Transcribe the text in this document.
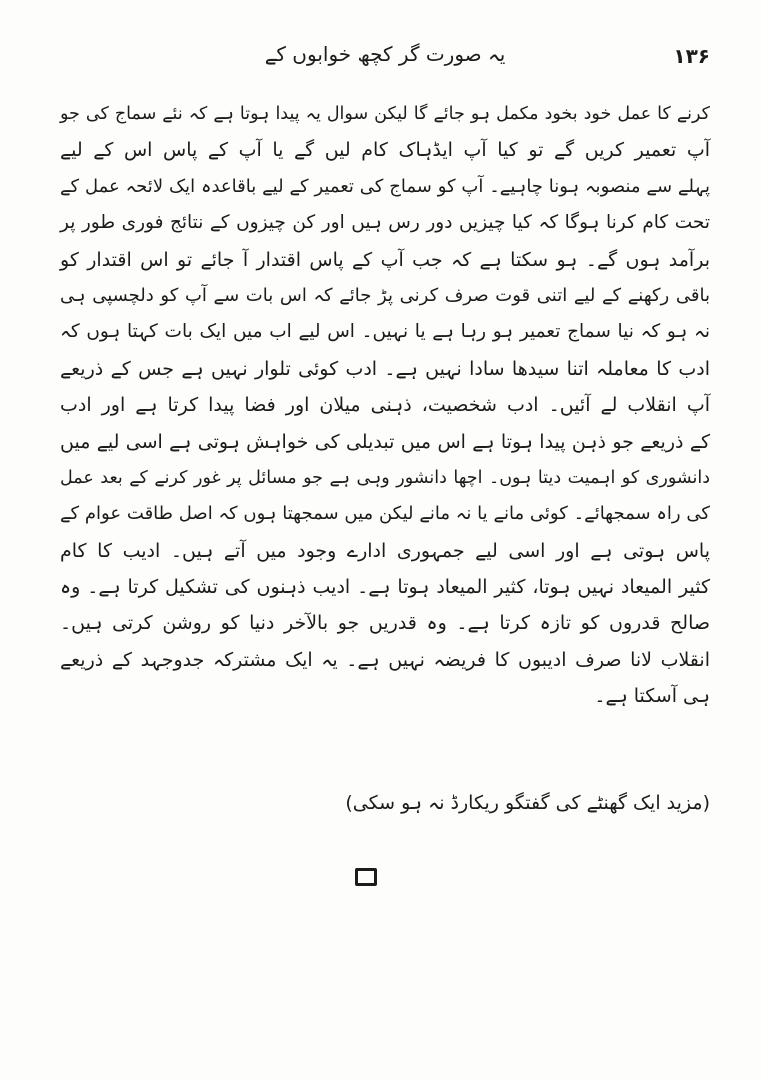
۱۳۶
یہ صورت گر کچھ خوابوں کے
کرنے کا عمل خود بخود مکمل ہو جائے گا لیکن سوال یہ پیدا ہوتا ہے کہ نئے سماج کی جو
آپ تعمیر کریں گے تو کیا آپ ایڈہاک کام لیں گے یا آپ کے پاس اس کے لیے
پہلے سے منصوبہ ہونا چاہیے۔ آپ کو سماج کی تعمیر کے لیے باقاعدہ ایک لائحہ عمل کے
تحت کام کرنا ہوگا کہ کیا چیزیں دور رس ہیں اور کن چیزوں کے نتائج فوری طور پر
برآمد ہوں گے۔ ہو سکتا ہے کہ جب آپ کے پاس اقتدار آ جائے تو اس اقتدار کو
باقی رکھنے کے لیے اتنی قوت صرف کرنی پڑ جائے کہ اس بات سے آپ کو دلچسپی ہی
نہ ہو کہ نیا سماج تعمیر ہو رہا ہے یا نہیں۔ اس لیے اب میں ایک بات کہتا ہوں کہ
ادب کا معاملہ اتنا سیدھا سادا نہیں ہے۔ ادب کوئی تلوار نہیں ہے جس کے ذریعے
آپ انقلاب لے آئیں۔ ادب شخصیت، ذہنی میلان اور فضا پیدا کرتا ہے اور ادب
کے ذریعے جو ذہن پیدا ہوتا ہے اس میں تبدیلی کی خواہش ہوتی ہے اسی لیے میں
دانشوری کو اہمیت دیتا ہوں۔ اچھا دانشور وہی ہے جو مسائل پر غور کرنے کے بعد عمل
کی راہ سمجھائے۔ کوئی مانے یا نہ مانے لیکن میں سمجھتا ہوں کہ اصل طاقت عوام کے
پاس ہوتی ہے اور اسی لیے جمہوری ادارے وجود میں آتے ہیں۔ ادیب کا کام
کثیر المیعاد نہیں ہوتا، کثیر المیعاد ہوتا ہے۔ ادیب ذہنوں کی تشکیل کرتا ہے۔ وہ
صالح قدروں کو تازہ کرتا ہے۔ وہ قدریں جو بالآخر دنیا کو روشن کرتی ہیں۔
انقلاب لانا صرف ادیبوں کا فریضہ نہیں ہے۔ یہ ایک مشترکہ جدوجہد کے ذریعے
ہی آسکتا ہے۔
(مزید ایک گھنٹے کی گفتگو ریکارڈ نہ ہو سکی)
